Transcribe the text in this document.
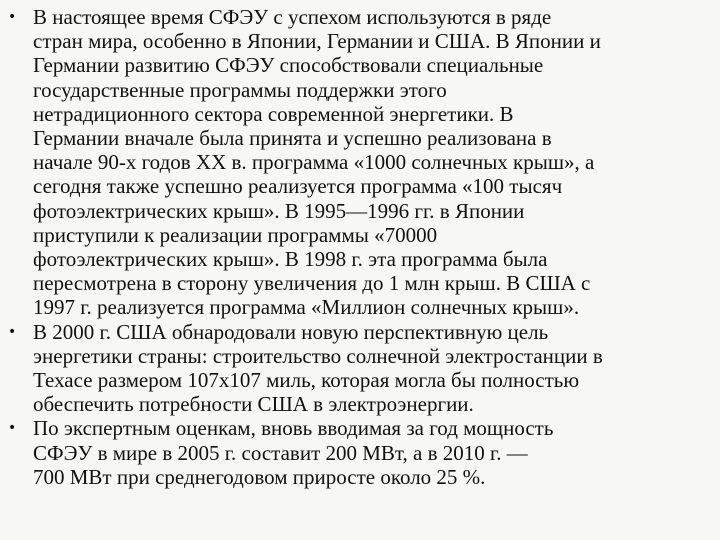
• В настоящее время СФЭУ с успехом используются в ряде
стран мира, особенно в Японии, Германии и США. В Японии и
Германии развитию СФЭУ способствовали специальные
государственные программы поддержки этого
нетрадиционного сектора современной энергетики. В
Германии вначале была принята и успешно реализована в
начале 90-х годов XX в. программа «1000 солнечных крыш», а
сегодня также успешно реализуется программа «100 тысяч
фотоэлектрических крыш». В 1995—1996 гг. в Японии
приступили к реализации программы «70000
фотоэлектрических крыш». В 1998 г. эта программа была
пересмотрена в сторону увеличения до 1 млн крыш. В США с
1997 г. реализуется программа «Миллион солнечных крыш».
• В 2000 г. США обнародовали новую перспективную цель
энергетики страны: строительство солнечной электростанции в
Техасе размером 107х107 миль, которая могла бы полностью
обеспечить потребности США в электроэнергии.
• По экспертным оценкам, вновь вводимая за год мощность
СФЭУ в мире в 2005 г. составит 200 МВт, а в 2010 г. —
700 МВт при среднегодовом приросте около 25 %.
